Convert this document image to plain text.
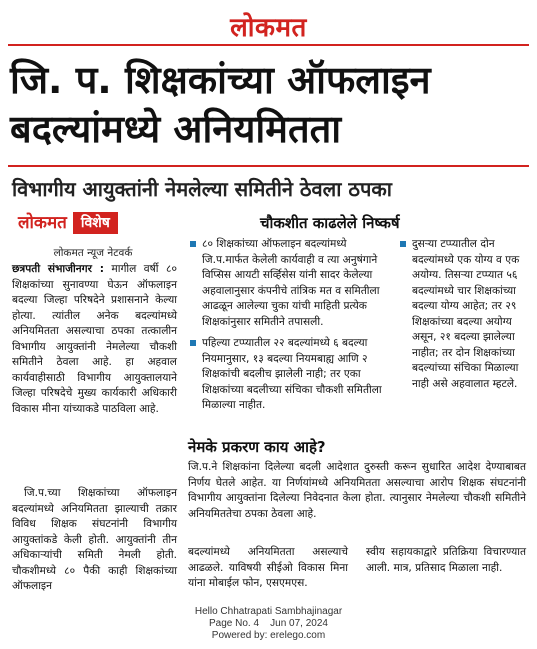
लोकमत
जि. प. शिक्षकांच्या ऑफलाइन
बदल्यांमध्ये अनियमितता
विभागीय आयुक्तांनी नेमलेल्या समितीने ठेवला ठपका
लोकमत	विशेष	चौकशीत काढलेले निष्कर्ष
लोकमत न्यूज नेटवर्क
छत्रपती संभाजीनगर : मागील वर्षी ८० शिक्षकांच्या सुनावण्या घेऊन ऑफलाइन बदल्या जिल्हा परिषदेने प्रशासनाने केल्या होत्या. त्यांतील अनेक बदल्यांमध्ये अनियमितता असल्याचा ठपका तत्कालीन विभागीय आयुक्तांनी नेमलेल्या चौकशी समितीने ठेवला आहे. हा अहवाल कार्यवाहीसाठी विभागीय आयुक्तालयाने जिल्हा परिषदेचे मुख्य कार्यकारी अधिकारी विकास मीना यांच्याकडे पाठविला आहे.
जि.प.च्या शिक्षकांच्या ऑफलाइन बदल्यांमध्ये अनियमितता झाल्याची तक्रार विविध शिक्षक संघटनांनी विभागीय आयुक्तांकडे केली होती. आयुक्तांनी तीन अधिकाऱ्यांची समिती नेमली होती. चौकशीमध्ये ८० पैकी काही शिक्षकांच्या ऑफलाइन
८० शिक्षकांच्या ऑफलाइन बदल्यांमध्ये जि.प.मार्फत केलेली कार्यवाही व त्या अनुषंगाने विप्सिस आयटी सर्व्हिसेस यांनी सादर केलेल्या अहवालानुसार कंपनीचे तांत्रिक मत व समितीला आढळून आलेल्या चुका यांची माहिती प्रत्येक शिक्षकांनुसार समितीने तपासली.
पहिल्या टप्प्यातील २२ बदल्यांमध्ये ६ बदल्या नियमानुसार, १३ बदल्या नियमबाह्य आणि २ शिक्षकांची बदलीच झालेली नाही; तर एका शिक्षकांच्या बदलीच्या संचिका चौकशी समितीला मिळाल्या नाहीत.
दुसऱ्या टप्प्यातील दोन बदल्यांमध्ये एक योग्य व एक अयोग्य. तिसऱ्या टप्प्यात ५६ बदल्यांमध्ये चार शिक्षकांच्या बदल्या योग्य आहेत; तर २९ शिक्षकांच्या बदल्या अयोग्य असून, २१ बदल्या झालेल्या नाहीत; तर दोन शिक्षकांच्या बदल्यांच्या संचिका मिळाल्या नाही असे अहवालात म्हटले.
नेमके प्रकरण काय आहे?
जि.प.ने शिक्षकांना दिलेल्या बदली आदेशात दुरुस्ती करून सुधारित आदेश देण्याबाबत निर्णय घेतले आहेत. या निर्णयांमध्ये अनियमितता असल्याचा आरोप शिक्षक संघटनांनी विभागीय आयुक्तांना दिलेल्या निवेदनात केला होता. त्यानुसार नेमलेल्या चौकशी समितीने अनियमिततेचा ठपका ठेवला आहे.
बदल्यांमध्ये अनियमितता असल्याचे आढळले. याविषयी सीईओ विकास मिना यांना मोबाईल फोन, एसएमएस.
स्वीय सहायकाद्वारे प्रतिक्रिया विचारण्यात आली. मात्र, प्रतिसाद मिळाला नाही.
Hello Chhatrapati Sambhajinagar
Page No. 4    Jun 07, 2024
Powered by: erelego.com
